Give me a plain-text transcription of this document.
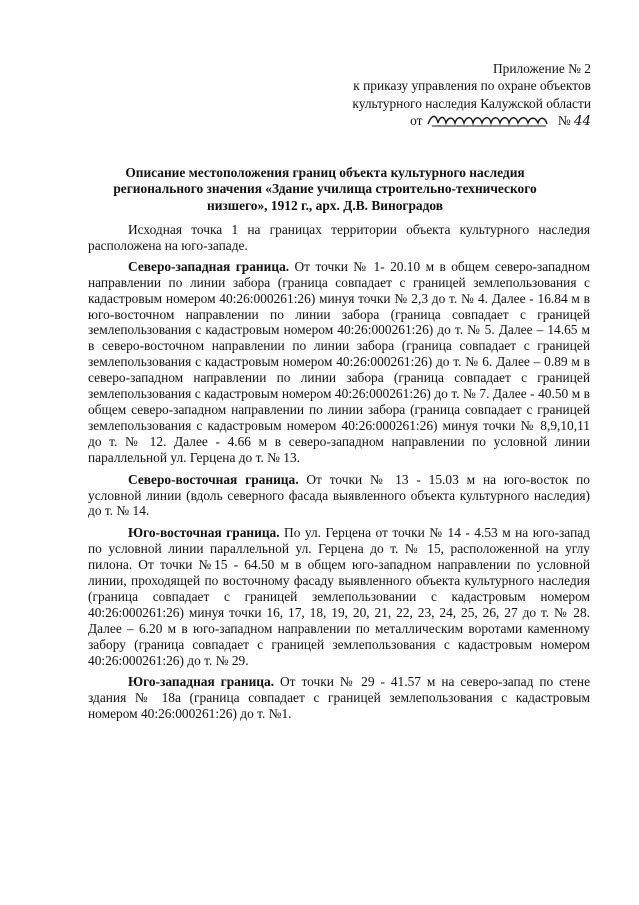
Приложение № 2
к приказу управления по охране объектов
культурного наследия Калужской области
от	№ 44
Описание местоположения границ объекта культурного наследия
регионального значения «Здание училища строительно-технического
низшего», 1912 г., арх. Д.В. Виноградов

Исходная точка 1 на границах территории объекта культурного наследия расположена на юго-западе.

Северо-западная граница. От точки № 1- 20.10 м в общем северо-западном направлении по линии забора (граница совпадает с границей землепользования с кадастровым номером 40:26:000261:26) минуя точки № 2,3 до т. № 4. Далее - 16.84 м в юго-восточном направлении по линии забора (граница совпадает с границей землепользования с кадастровым номером 40:26:000261:26) до т. № 5. Далее – 14.65 м в северо-восточном направлении по линии забора (граница совпадает с границей землепользования с кадастровым номером 40:26:000261:26) до т. № 6. Далее – 0.89 м в северо-западном направлении по линии забора (граница совпадает с границей землепользования с кадастровым номером 40:26:000261:26) до т. № 7. Далее - 40.50 м в общем северо-западном направлении по линии забора (граница совпадает с границей землепользования с кадастровым номером 40:26:000261:26) минуя точки № 8,9,10,11 до т. № 12. Далее - 4.66 м в северо-западном направлении по условной линии параллельной ул. Герцена до т. № 13.

Северо-восточная граница. От точки № 13 - 15.03 м на юго-восток по условной линии (вдоль северного фасада выявленного объекта культурного наследия) до т. № 14.

Юго-восточная граница. По ул. Герцена от точки № 14 - 4.53 м на юго-запад по условной линии параллельной ул. Герцена до т. № 15, расположенной на углу пилона. От точки №15 - 64.50 м в общем юго-западном направлении по условной линии, проходящей по восточному фасаду выявленного объекта культурного наследия (граница совпадает с границей землепользовании с кадастровым номером 40:26:000261:26) минуя точки 16, 17, 18, 19, 20, 21, 22, 23, 24, 25, 26, 27 до т. № 28. Далее – 6.20 м в юго-западном направлении по металлическим воротами каменному забору (граница совпадает с границей землепользования с кадастровым номером 40:26:000261:26) до т. № 29.

Юго-западная граница. От точки № 29 - 41.57 м на северо-запад по стене здания № 18а (граница совпадает с границей землепользования с кадастровым номером 40:26:000261:26) до т. №1.
